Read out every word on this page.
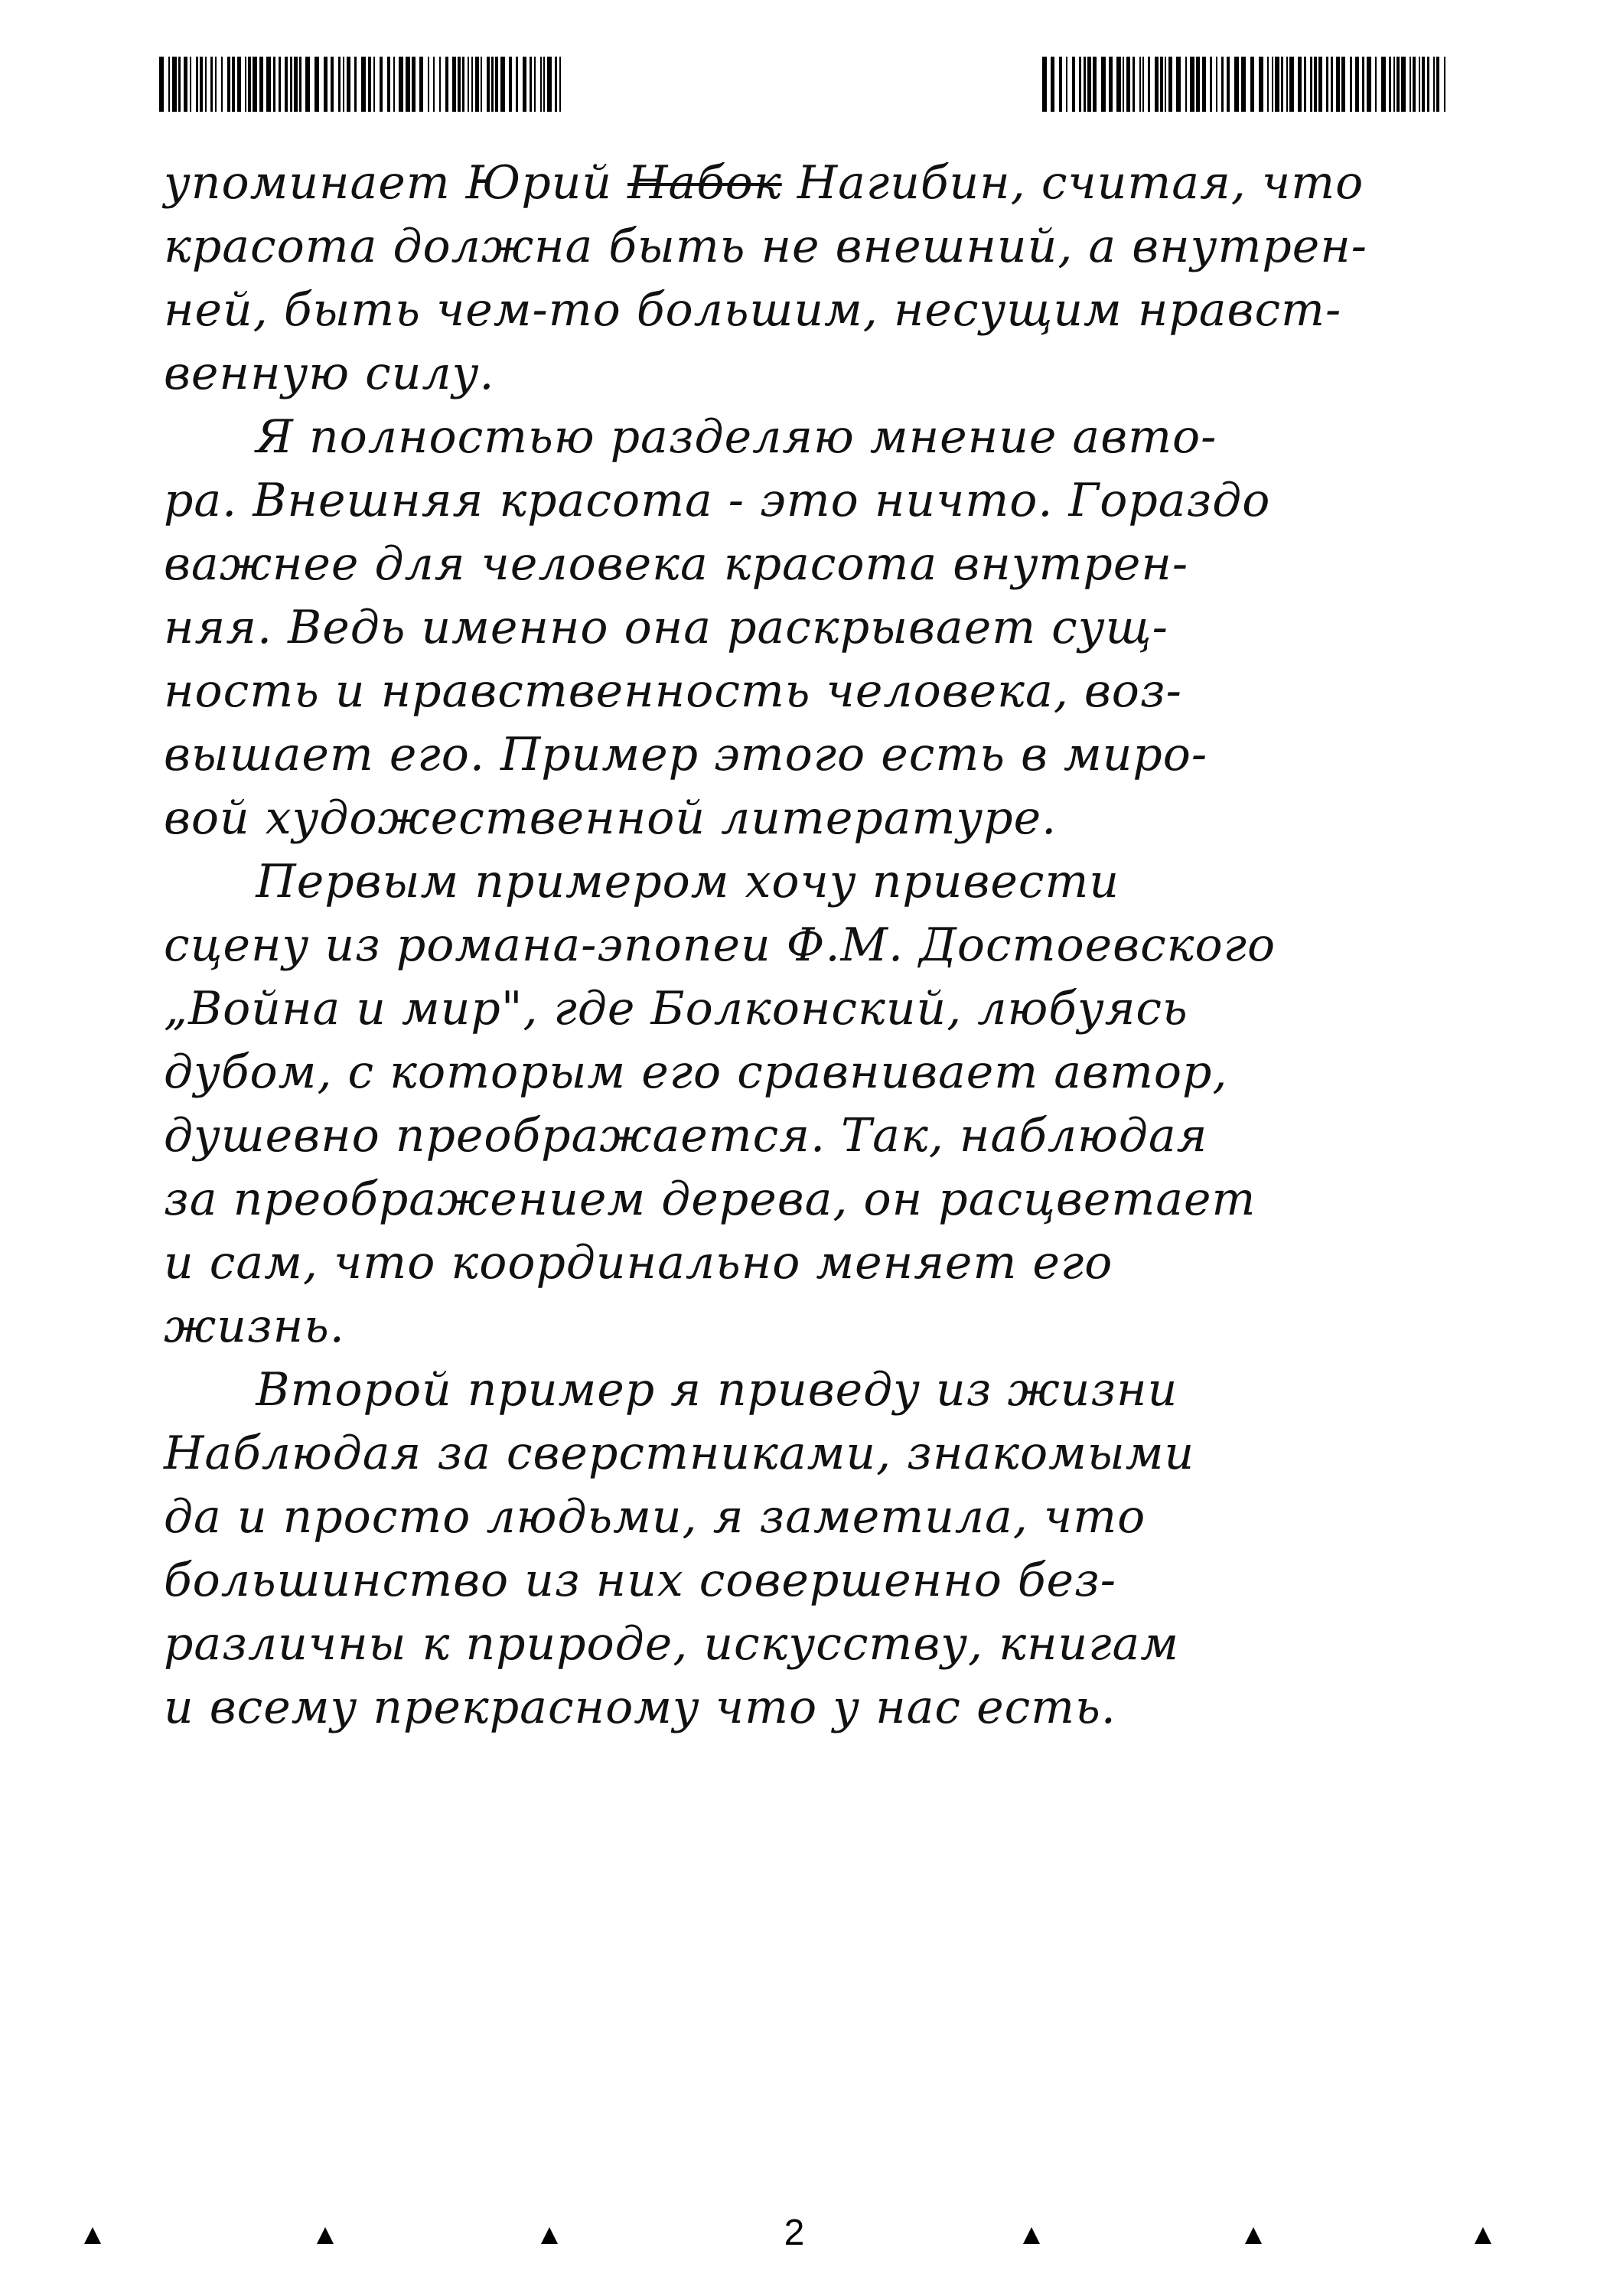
упоминает Юрий Набок Нагибин, считая, что
красота должна быть не внешний, а внутрен-
ней, быть чем-то большим, несущим нравст-
венную силу.
Я полностью разделяю мнение авто-
ра. Внешняя красота - это ничто. Гораздо
важнее для человека красота внутрен-
няя. Ведь именно она раскрывает сущ-
ность и нравственность человека, воз-
вышает его. Пример этого есть в миро-
вой художественной литературе.
Первым примером хочу привести
сцену из романа-эпопеи Ф.М. Достоевского
„Война и мир", где Болконский, любуясь
дубом, с которым его сравнивает автор,
душевно преображается. Так, наблюдая
за преображением дерева, он расцветает
и сам, что координально меняет его
жизнь.
Второй пример я приведу из жизни
Наблюдая за сверстниками, знакомыми
да и просто людьми, я заметила, что
большинство из них совершенно без-
различны к природе, искусству, книгам
и всему прекрасному что у нас есть.
2
